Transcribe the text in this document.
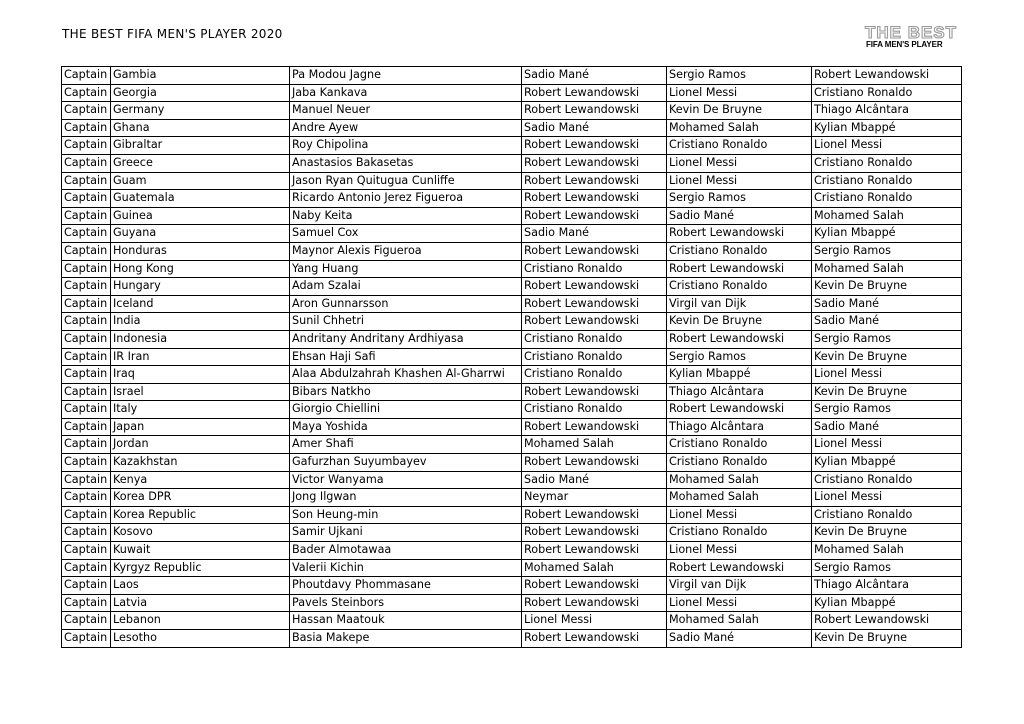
THE BEST FIFA MEN'S PLAYER 2020	THE BEST
FIFA MEN'S PLAYER
Captain	Gambia	Pa Modou Jagne	Sadio Mané	Sergio Ramos	Robert Lewandowski
Captain	Georgia	Jaba Kankava	Robert Lewandowski	Lionel Messi	Cristiano Ronaldo
Captain	Germany	Manuel Neuer	Robert Lewandowski	Kevin De Bruyne	Thiago Alcântara
Captain	Ghana	Andre Ayew	Sadio Mané	Mohamed Salah	Kylian Mbappé
Captain	Gibraltar	Roy Chipolina	Robert Lewandowski	Cristiano Ronaldo	Lionel Messi
Captain	Greece	Anastasios Bakasetas	Robert Lewandowski	Lionel Messi	Cristiano Ronaldo
Captain	Guam	Jason Ryan Quitugua Cunliffe	Robert Lewandowski	Lionel Messi	Cristiano Ronaldo
Captain	Guatemala	Ricardo Antonio Jerez Figueroa	Robert Lewandowski	Sergio Ramos	Cristiano Ronaldo
Captain	Guinea	Naby Keita	Robert Lewandowski	Sadio Mané	Mohamed Salah
Captain	Guyana	Samuel Cox	Sadio Mané	Robert Lewandowski	Kylian Mbappé
Captain	Honduras	Maynor Alexis Figueroa	Robert Lewandowski	Cristiano Ronaldo	Sergio Ramos
Captain	Hong Kong	Yang Huang	Cristiano Ronaldo	Robert Lewandowski	Mohamed Salah
Captain	Hungary	Adam Szalai	Robert Lewandowski	Cristiano Ronaldo	Kevin De Bruyne
Captain	Iceland	Aron Gunnarsson	Robert Lewandowski	Virgil van Dijk	Sadio Mané
Captain	India	Sunil Chhetri	Robert Lewandowski	Kevin De Bruyne	Sadio Mané
Captain	Indonesia	Andritany Andritany Ardhiyasa	Cristiano Ronaldo	Robert Lewandowski	Sergio Ramos
Captain	IR Iran	Ehsan Haji Safi	Cristiano Ronaldo	Sergio Ramos	Kevin De Bruyne
Captain	Iraq	Alaa Abdulzahrah Khashen Al-Gharrwi	Cristiano Ronaldo	Kylian Mbappé	Lionel Messi
Captain	Israel	Bibars Natkho	Robert Lewandowski	Thiago Alcântara	Kevin De Bruyne
Captain	Italy	Giorgio Chiellini	Cristiano Ronaldo	Robert Lewandowski	Sergio Ramos
Captain	Japan	Maya Yoshida	Robert Lewandowski	Thiago Alcântara	Sadio Mané
Captain	Jordan	Amer Shafi	Mohamed Salah	Cristiano Ronaldo	Lionel Messi
Captain	Kazakhstan	Gafurzhan Suyumbayev	Robert Lewandowski	Cristiano Ronaldo	Kylian Mbappé
Captain	Kenya	Victor Wanyama	Sadio Mané	Mohamed Salah	Cristiano Ronaldo
Captain	Korea DPR	Jong Ilgwan	Neymar	Mohamed Salah	Lionel Messi
Captain	Korea Republic	Son Heung-min	Robert Lewandowski	Lionel Messi	Cristiano Ronaldo
Captain	Kosovo	Samir Ujkani	Robert Lewandowski	Cristiano Ronaldo	Kevin De Bruyne
Captain	Kuwait	Bader Almotawaa	Robert Lewandowski	Lionel Messi	Mohamed Salah
Captain	Kyrgyz Republic	Valerii Kichin	Mohamed Salah	Robert Lewandowski	Sergio Ramos
Captain	Laos	Phoutdavy Phommasane	Robert Lewandowski	Virgil van Dijk	Thiago Alcântara
Captain	Latvia	Pavels Steinbors	Robert Lewandowski	Lionel Messi	Kylian Mbappé
Captain	Lebanon	Hassan Maatouk	Lionel Messi	Mohamed Salah	Robert Lewandowski
Captain	Lesotho	Basia Makepe	Robert Lewandowski	Sadio Mané	Kevin De Bruyne
